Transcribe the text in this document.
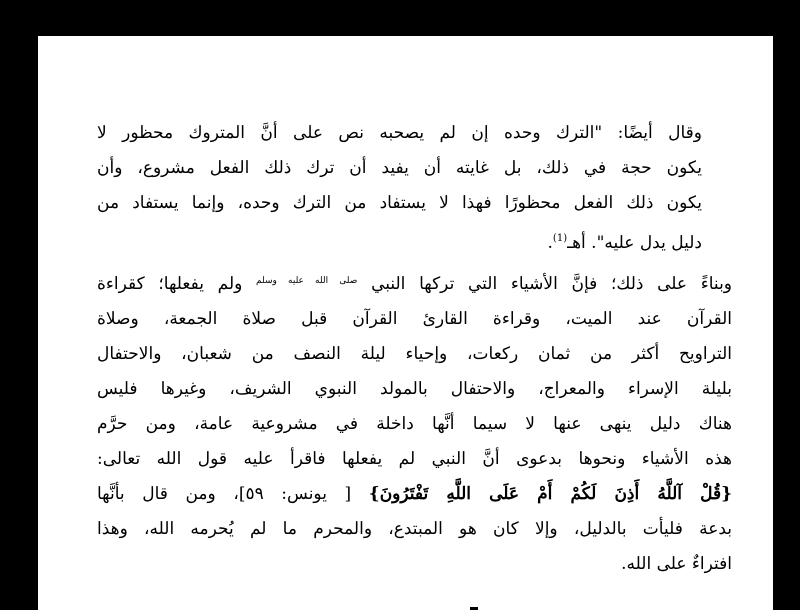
وقال أيضًا: "الترك وحده إن لم يصحبه نص على أنَّ المتروك محظور لا
يكون حجة في ذلك، بل غايته أن يفيد أن ترك ذلك الفعل مشروع، وأن
يكون ذلك الفعل محظورًا فهذا لا يستفاد من الترك وحده، وإنما يستفاد من
دليل يدل عليه". أهـ$^{(1)}$.

وبناءً على ذلك؛ فإنَّ الأشياء التي تركها النبي $^{صلى الله عليه وسلم}$ ولم يفعلها؛ كقراءة
القرآن عند الميت، وقراءة القارئ القرآن قبل صلاة الجمعة، وصلاة
التراويح أكثر من ثمان ركعات، وإحياء ليلة النصف من شعبان، والاحتفال
بليلة الإسراء والمعراج، والاحتفال بالمولد النبوي الشريف، وغيرها فليس
هناك دليل ينهى عنها لا سيما أنَّها داخلة في مشروعية عامة، ومن حرَّم
هذه الأشياء ونحوها بدعوى أنَّ النبي لم يفعلها فاقرأ عليه قول الله تعالى:
{قُلْ آللَّهُ أَذِنَ لَكُمْ أَمْ عَلَى اللَّهِ تَفْتَرُونَ} [ يونس: ٥٩]، ومن قال بأنَّها
بدعة فليأت بالدليل، وإلا كان هو المبتدع، والمحرم ما لم يُحرمه الله، وهذا
افتراءٌ على الله.
